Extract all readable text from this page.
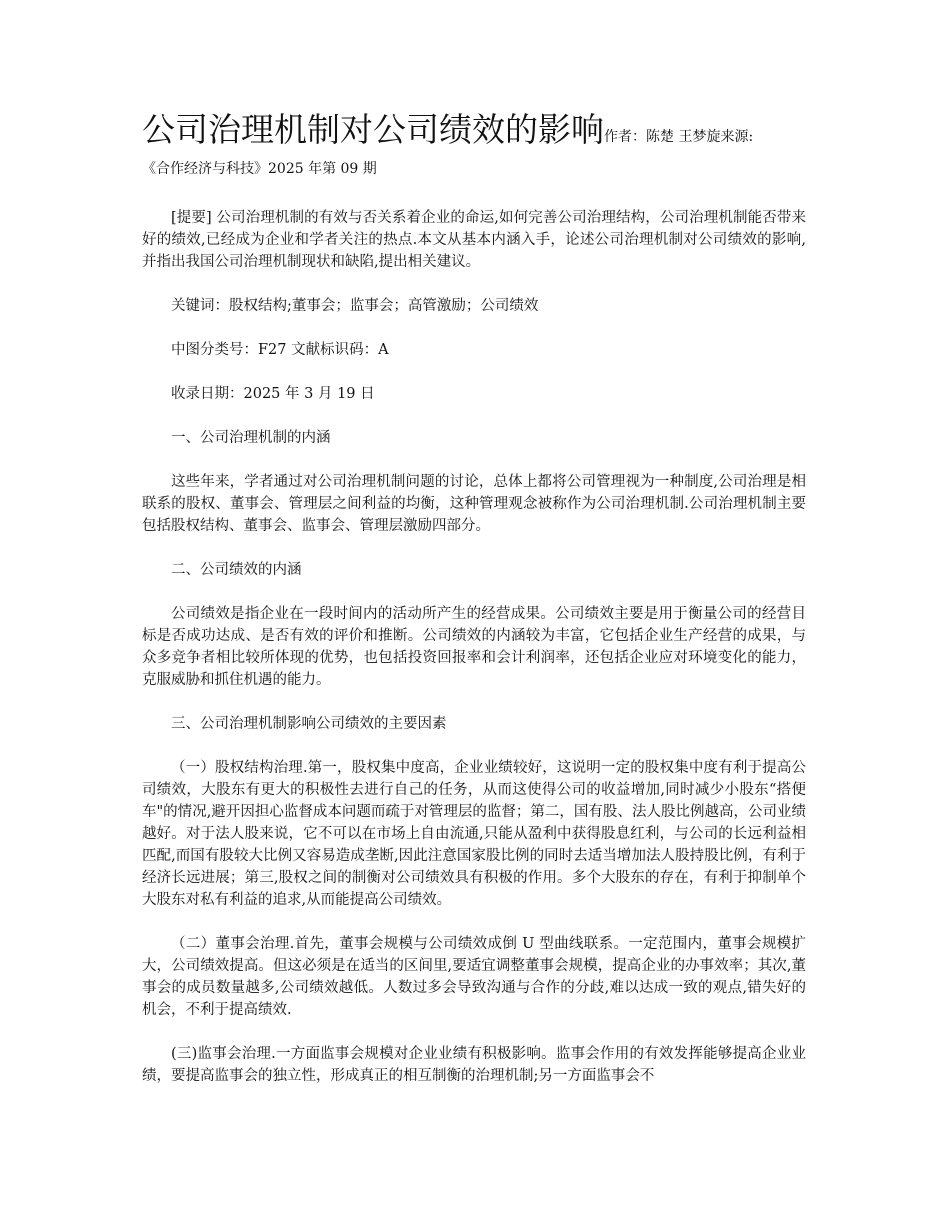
公司治理机制对公司绩效的影响作者：陈楚 王梦旋来源:

《合作经济与科技》2025 年第 09 期

[提要] 公司治理机制的有效与否关系着企业的命运,如何完善公司治理结构，公司治理机制能否带来好的绩效,已经成为企业和学者关注的热点.本文从基本内涵入手，论述公司治理机制对公司绩效的影响,并指出我国公司治理机制现状和缺陷,提出相关建议。

关键词：股权结构;董事会；监事会；高管激励；公司绩效

中图分类号：F27 文献标识码：A

收录日期：2025 年 3 月 19 日

一、公司治理机制的内涵

这些年来，学者通过对公司治理机制问题的讨论，总体上都将公司管理视为一种制度,公司治理是相联系的股权、董事会、管理层之间利益的均衡，这种管理观念被称作为公司治理机制.公司治理机制主要包括股权结构、董事会、监事会、管理层激励四部分。

二、公司绩效的内涵

公司绩效是指企业在一段时间内的活动所产生的经营成果。公司绩效主要是用于衡量公司的经营目标是否成功达成、是否有效的评价和推断。公司绩效的内涵较为丰富，它包括企业生产经营的成果，与众多竞争者相比较所体现的优势，也包括投资回报率和会计利润率，还包括企业应对环境变化的能力，克服威胁和抓住机遇的能力。

三、公司治理机制影响公司绩效的主要因素

（一）股权结构治理.第一，股权集中度高，企业业绩较好，这说明一定的股权集中度有利于提高公司绩效，大股东有更大的积极性去进行自己的任务，从而这使得公司的收益增加,同时减少小股东“搭便车"的情况,避开因担心监督成本问题而疏于对管理层的监督；第二，国有股、法人股比例越高，公司业绩越好。对于法人股来说，它不可以在市场上自由流通,只能从盈利中获得股息红利，与公司的长远利益相匹配,而国有股较大比例又容易造成垄断,因此注意国家股比例的同时去适当增加法人股持股比例，有利于经济长远进展；第三,股权之间的制衡对公司绩效具有积极的作用。多个大股东的存在，有利于抑制单个大股东对私有利益的追求,从而能提高公司绩效。

（二）董事会治理.首先，董事会规模与公司绩效成倒 U 型曲线联系。一定范围内，董事会规模扩大，公司绩效提高。但这必须是在适当的区间里,要适宜调整董事会规模，提高企业的办事效率；其次,董事会的成员数量越多,公司绩效越低。人数过多会导致沟通与合作的分歧,难以达成一致的观点,错失好的机会，不利于提高绩效.

(三)监事会治理.一方面监事会规模对企业业绩有积极影响。监事会作用的有效发挥能够提高企业业绩，要提高监事会的独立性，形成真正的相互制衡的治理机制;另一方面监事会不
